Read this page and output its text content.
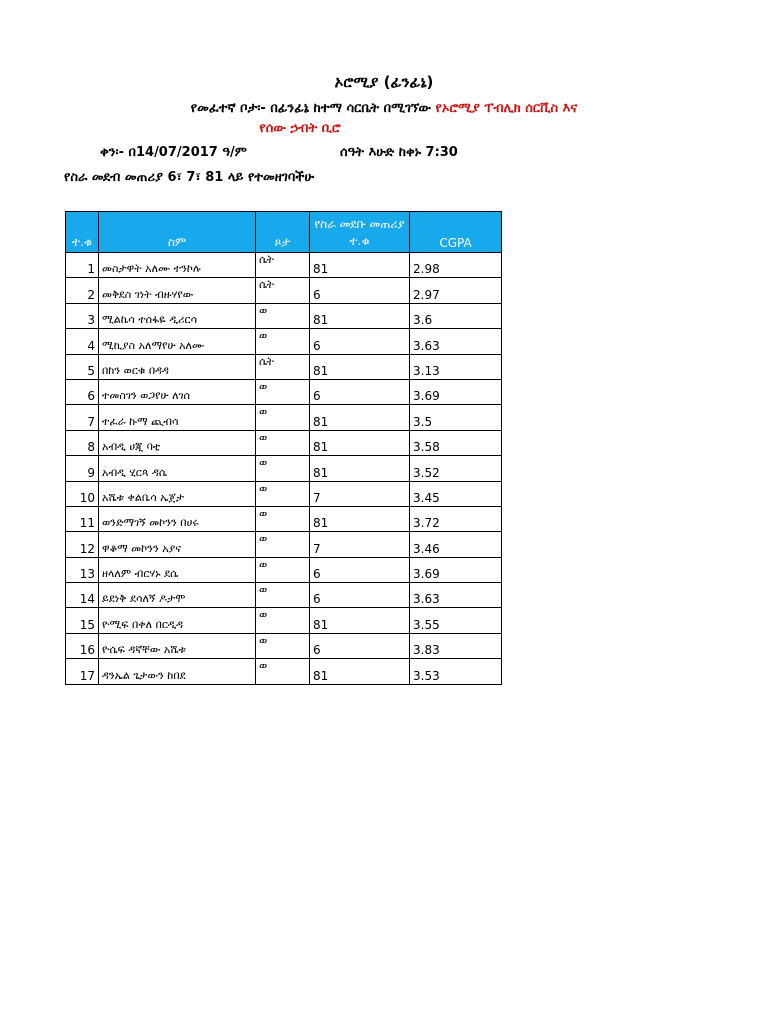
ኦሮሚያ (ፊንፊኔ)
የመፈተኛ ቦታ፡- በፊንፊኔ ከተማ ሳርቤት በሚገኘው የኦሮሚያ ፐብሊክ ሰርቪስ እና
የሰው ኃብት ቢሮ
ቀን፡- በ14/07/2017 ዓ/ም	ሰዓት እሁድ ከቀኑ 7:30
የስራ መደብ መጠሪያ 6፣ 7፣ 81 ላይ የተመዘገባችሁ
ተ.ቁ	ስም	ጾታ	የስራ መደቡ መጠሪያ ተ.ቁ	CGPA
1	መስታዋት አለሙ ተንኮሉ	ሴት	81	2.98
2	መቅደስ ገነት ብዙሃየው	ሴት	6	2.97
3	ሚልኬሳ ተሰፋዬ ዲሪርሳ	ወ	81	3.6
4	ሚኪያስ አለማየሁ አለሙ	ወ	6	3.63
5	በከን ወርቁ በዳዳ	ሴት	81	3.13
6	ተመስገን ወጋየሁ ለገሰ	ወ	6	3.69
7	ተፈራ ኩማ ጪብሳ	ወ	81	3.5
8	አብዲ ሀጂ ባቲ	ወ	81	3.58
9	አብዲ ሂርጳ ዳሴ	ወ	81	3.52
10	አሼቱ ቀልቤሳ ኤጀታ	ወ	7	3.45
11	ወንድማገኝ መኮንን በሀሩ	ወ	81	3.72
12	ዋቆማ መኮንን አያና	ወ	7	3.46
13	ዘላለም ብርሃኑ ደሴ	ወ	6	3.69
14	ይደነቅ ደሳለኝ ዶታሞ	ወ	6	3.63
15	ዮሚፍ በቀለ በርዲዳ	ወ	81	3.55
16	ዮሴፍ ዳኛቸው አሼቱ	ወ	6	3.83
17	ዳንኤል ጌታውን ከበደ	ወ	81	3.53
